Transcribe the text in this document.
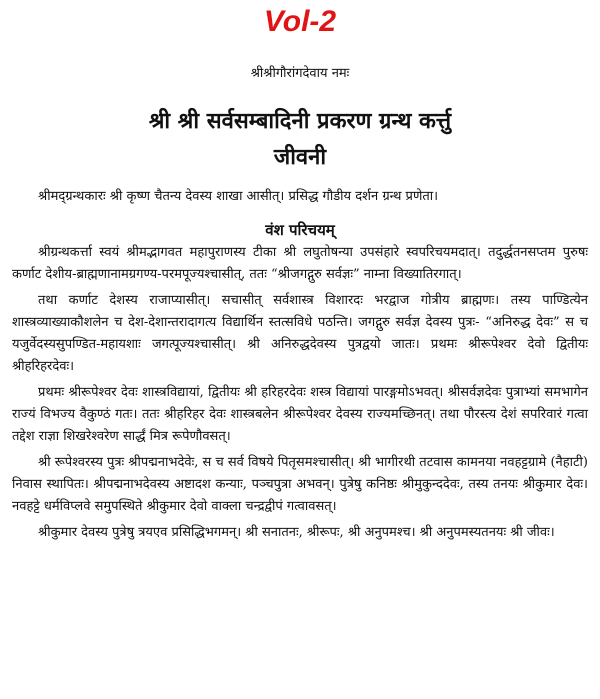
Vol-2
श्रीश्रीगौरांगदेवाय नमः
श्री श्री सर्वसम्बादिनी प्रकरण ग्रन्थ कर्त्तु
जीवनी
श्रीमद्ग्रन्थकारः श्री कृष्ण चैतन्य देवस्य शाखा आसीत्। प्रसिद्ध गौडीय दर्शन ग्रन्थ प्रणेता।
वंश परिचयम्

श्रीग्रन्थकर्त्ता स्वयं श्रीमद्भागवत महापुराणस्य टीका श्री लघुतोषन्या उपसंहारे स्वपरिचयमदात्। तदुर्द्धतनसप्तम पुरुषः कर्णाट देशीय-ब्राह्मणानामग्रगण्य-परमपूज्यश्चासीत्, ततः “श्रीजगद्गुरु सर्वज्ञः” नाम्ना विख्यातिरगात्।

तथा कर्णाट देशस्य राजाप्यासीत्। सचासीत् सर्वशास्त्र विशारदः भरद्वाज गोत्रीय ब्राह्मणः। तस्य पाण्डित्येन शास्त्रव्याख्याकौशलेन च देश-देशान्तरादागत्य विद्यार्थिन स्तत्सविधे पठन्ति। जगद्गुरु सर्वज्ञ देवस्य पुत्रः- “अनिरुद्ध देवः” स च यजुर्वेदस्यसुपण्डित-महायशाः जगत्पूज्यश्चासीत्। श्री अनिरुद्धदेवस्य पुत्रद्वयो जातः। प्रथमः श्रीरूपेश्वर देवो द्वितीयः श्रीहरिहरदेवः।

प्रथमः श्रीरूपेश्वर देवः शास्त्रविद्यायां, द्वितीयः श्री हरिहरदेवः शस्त्र विद्यायां पारङ्गमोऽभवत्। श्रीसर्वज्ञदेवः पुत्राभ्यां समभागेन राज्यं विभज्य वैकुण्ठं गतः। ततः श्रीहरिहर देवः शास्त्रबलेन श्रीरूपेश्वर देवस्य राज्यमच्छिनत्। तथा पौरस्त्य देशं सपरिवारं गत्वा तद्देश राज्ञा शिखरेश्वरेण सार्द्धं मित्र रूपेणौवसत्।

श्री रूपेश्वरस्य पुत्रः श्रीपद्मनाभदेवेः, स च सर्व विषये पितृसमश्चासीत्। श्री भागीरथी तटवास कामनया नवहट्टग्रामे (नैहाटी) निवास स्थापितः। श्रीपद्मनाभदेवस्य अष्टादश कन्याः, पञ्चपुत्रा अभवन्। पुत्रेषु कनिष्ठः श्रीमुकुन्ददेवः, तस्य तनयः श्रीकुमार देवः। नवहट्टे धर्मविप्लवे समुपस्थिते श्रीकुमार देवो वाक्ला चन्द्रद्वीपं गत्वावसत्।

श्रीकुमार देवस्य पुत्रेषु त्रयएव प्रसिद्धिभगमन्। श्री सनातनः, श्रीरूपः, श्री अनुपमश्च। श्री अनुपमस्यतनयः श्री जीवः।
